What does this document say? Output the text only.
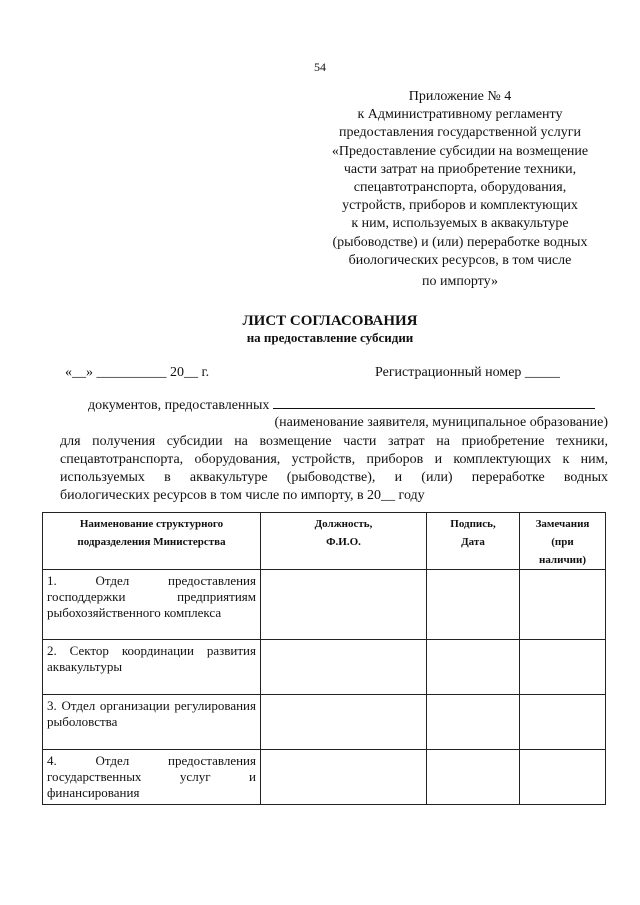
54
Приложение № 4
к Административному регламенту
предоставления государственной услуги
«Предоставление субсидии на возмещение
части затрат на приобретение техники,
спецавтотранспорта, оборудования,
устройств, приборов и комплектующих
к ним, используемых в аквакультуре
(рыбоводстве) и (или) переработке водных
биологических ресурсов, в том числе
по импорту»
ЛИСТ СОГЛАСОВАНИЯ
на предоставление субсидии
«__» __________ 20__ г.	Регистрационный номер _____
документов, предоставленных
(наименование заявителя, муниципальное образование)
для получения субсидии на возмещение части затрат на приобретение техники,
спецавтотранспорта, оборудования, устройств, приборов и комплектующих к ним,
используемых в аквакультуре (рыбоводстве), и (или) переработке водных
биологических ресурсов в том числе по импорту, в 20__ году
Наименование структурного подразделения Министерства	Должность, Ф.И.О.	Подпись, Дата	Замечания (при наличии)

1. Отдел предоставления господдержки предприятиям рыбохозяйственного комплекса			

2. Сектор координации развития аквакультуры			

3. Отдел организации регулирования рыболовства			

4. Отдел предоставления государственных услуг и финансирования			
